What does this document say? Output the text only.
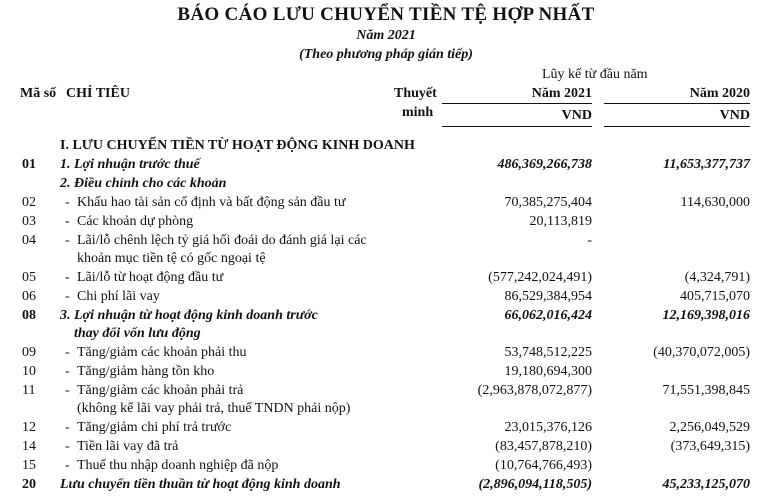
BÁO CÁO LƯU CHUYỂN TIỀN TỆ HỢP NHẤT
Năm 2021
(Theo phương pháp gián tiếp)
Lũy kế từ đầu năm
Mã số CHỈ TIÊU	Thuyết
minh
Năm 2021	Năm 2020
VND	VND
I. LƯU CHUYỂN TIỀN TỪ HOẠT ĐỘNG KINH DOANH
01 1. Lợi nhuận trước thuế	486,369,266,738	11,653,377,737
2. Điều chỉnh cho các khoản
02	- Khấu hao tài sản cố định và bất động sản đầu tư	70,385,275,404	114,630,000
03	- Các khoản dự phòng	20,113,819
04	- Lãi/lỗ chênh lệch tỷ giá hối đoái do đánh giá lại các	-
khoản mục tiền tệ có gốc ngoại tệ
05	- Lãi/lỗ từ hoạt động đầu tư	(577,242,024,491)	(4,324,791)
06	- Chi phí lãi vay	86,529,384,954	405,715,070
08 3. Lợi nhuận từ hoạt động kinh doanh trước	66,062,016,424	12,169,398,016
thay đổi vốn lưu động
09	- Tăng/giảm các khoản phải thu	53,748,512,225	(40,370,072,005)
10	- Tăng/giảm hàng tồn kho	19,180,694,300
11	- Tăng/giảm các khoản phải trả	(2,963,878,072,877)	71,551,398,845
(không kể lãi vay phải trả, thuế TNDN phải nộp)
12	- Tăng/giảm chi phí trả trước	23,015,376,126	2,256,049,529
14	- Tiền lãi vay đã trả	(83,457,878,210)	(373,649,315)
15	- Thuế thu nhập doanh nghiệp đã nộp	(10,764,766,493)
20 Lưu chuyển tiền thuần từ hoạt động kinh doanh	(2,896,094,118,505)	45,233,125,070
